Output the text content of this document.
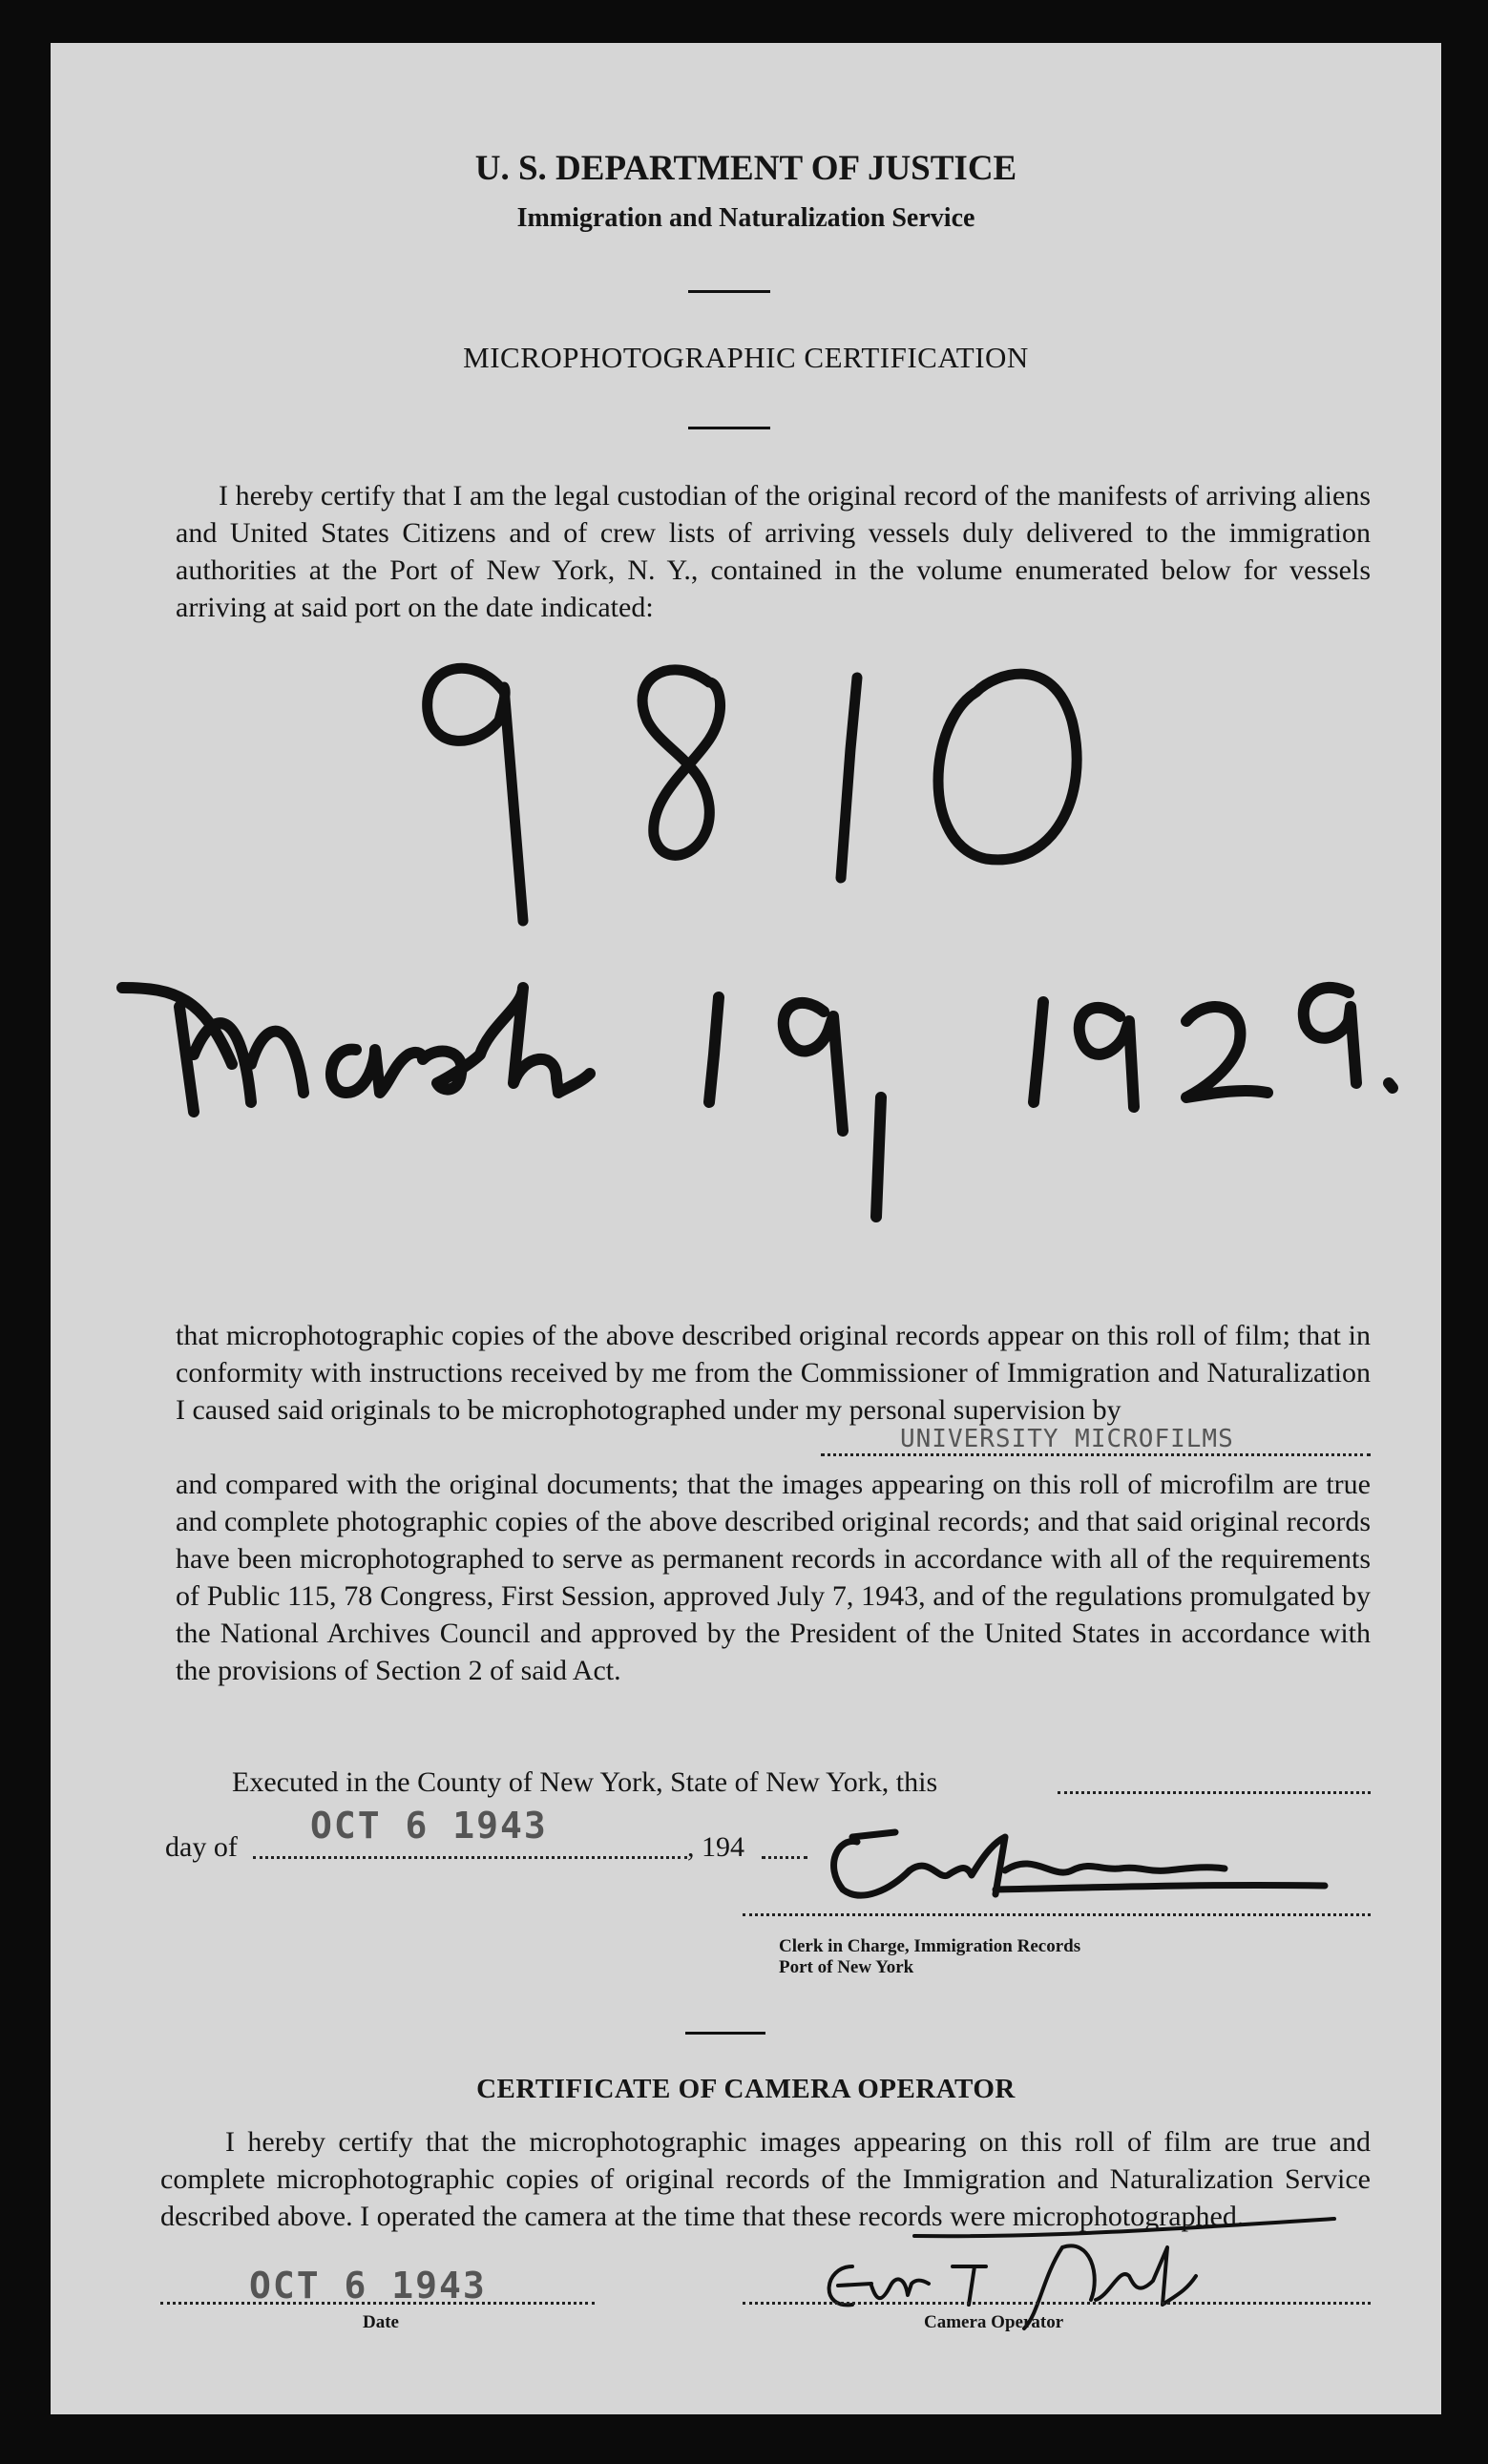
U. S. DEPARTMENT OF JUSTICE
Immigration and Naturalization Service
MICROPHOTOGRAPHIC CERTIFICATION

I hereby certify that I am the legal custodian of the original record of the manifests of arriving aliens and United States Citizens and of crew lists of arriving vessels duly delivered to the immigration authorities at the Port of New York, N. Y., contained in the volume enumerated below for vessels arriving at said port on the date indicated:

9810
March 19, 1929.

that microphotographic copies of the above described original records appear on this roll of film; that in conformity with instructions received by me from the Commissioner of Immigration and Naturalization I caused said originals to be microphotographed under my personal supervision by

UNIVERSITY MICROFILMS

and compared with the original documents; that the images appearing on this roll of microfilm are true and complete photographic copies of the above described original records; and that said original records have been microphotographed to serve as permanent records in accordance with all of the requirements of Public 115, 78 Congress, First Session, approved July 7, 1943, and of the regulations promulgated by the National Archives Council and approved by the President of the United States in accordance with the provisions of Section 2 of said Act.

Executed in the County of New York, State of New York, this
day of
OCT 6 1943
, 194
Clerk in Charge, Immigration Records
Port of New York
CERTIFICATE OF CAMERA OPERATOR

I hereby certify that the microphotographic images appearing on this roll of film are true and complete microphotographic copies of original records of the Immigration and Naturalization Service described above. I operated the camera at the time that these records were microphotographed.

OCT 6 1943
Date	Camera Operator
